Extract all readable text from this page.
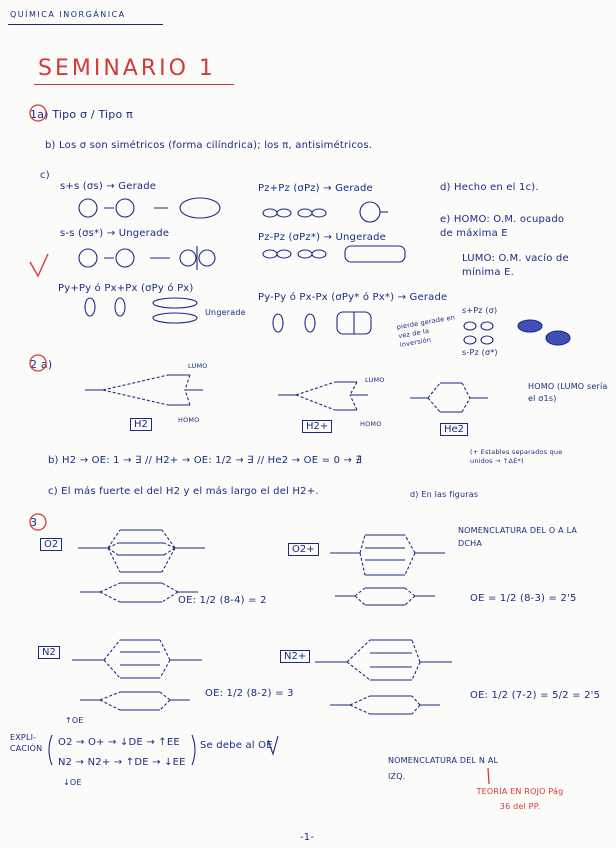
QUÍMICA INORGÁNICA
SEMINARIO 1
1a) Tipo σ / Tipo π
b) Los σ son simétricos (forma cilíndrica); los π, antisimétricos.
c)
s+s (σs) → Gerade
s-s (σs*) → Ungerade
Pz+Pz (σPz) → Gerade
Pz-Pz (σPz*) → Ungerade
Py+Py ó Px+Px (σPy ó Px)
Ungerade
Py-Py ó Px-Px (σPy* ó Px*) → Gerade
d) Hecho en el 1c).
e) HOMO: O.M. ocupado de máxima E
LUMO: O.M. vacío de mínima E.
s+Pz (σ)
s-Pz (σ*)
pierde gerade en vez de la inversión
2 a)
H2	H2+	He2
LUMO
HOMO
LUMO
HOMO
HOMO (LUMO sería el σ1s)
b) H2 → OE: 1 → ∃ // H2+ → OE: 1/2 → ∃ // He2 → OE = 0 → ∄
(+ Estables separados que unidos → ↑ΔE*)
c) El más fuerte el del H2 y el más largo el del H2+.	d) En las figuras
3
O2	O2+
N2	N2+
OE: 1/2 (8-4) = 2	OE = 1/2 (8-3) = 2'5
OE: 1/2 (8-2) = 3	OE: 1/2 (7-2) = 5/2 = 2'5
NOMENCLATURA DEL O A LA DCHA
NOMENCLATURA DEL N AL IZQ.
EXPLI-CACIÓN
O2 → O+ → ↓DE → ↑EE
N2 → N2+ → ↑DE → ↓EE
Se debe al OE
↑OE
↓OE
TEORÍA EN ROJO Pág 36 del PP.
-1-
